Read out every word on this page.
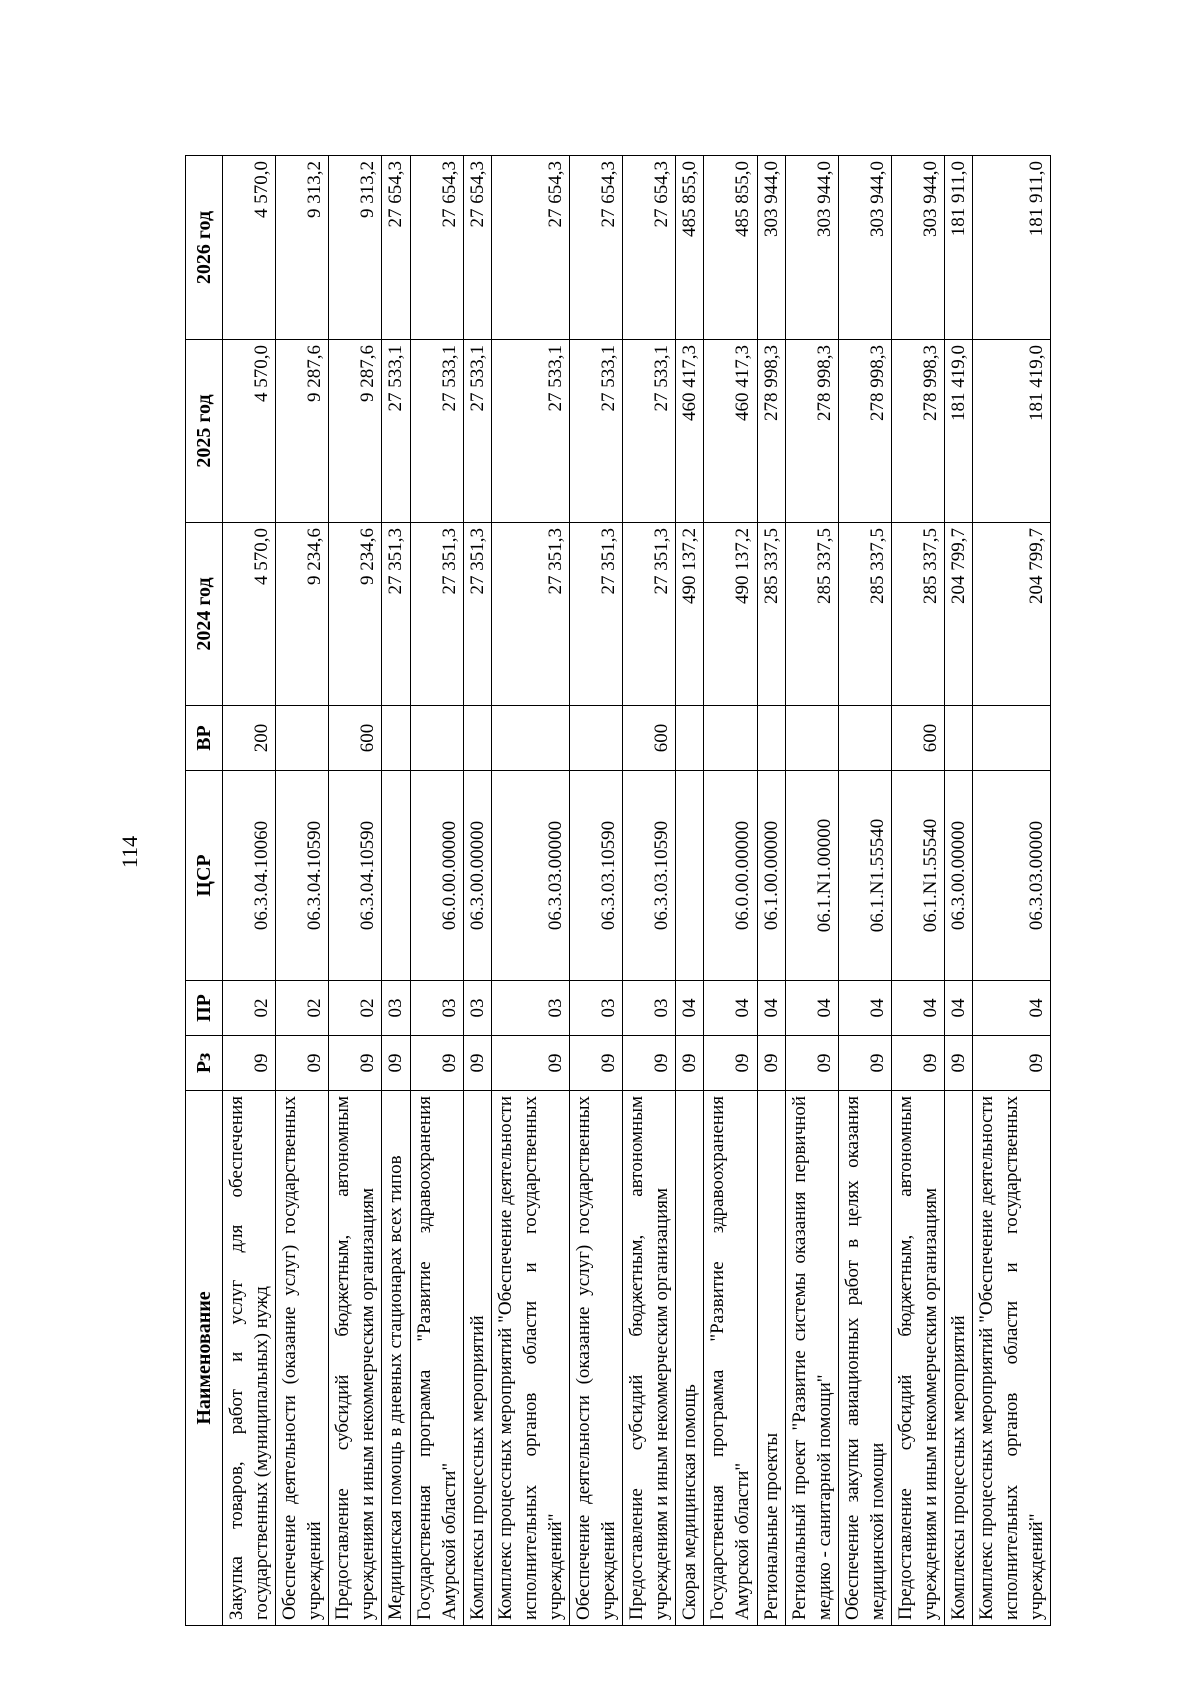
114
Наименование	Рз	ПР	ЦСР	ВР	2024 год	2025 год	2026 год
Закупка товаров, работ и услуг для обеспечения государственных (муниципальных) нужд	09	02	06.3.04.10060	200	4 570,0	4 570,0	4 570,0
Обеспечение деятельности (оказание услуг) государственных учреждений	09	02	06.3.04.10590		9 234,6	9 287,6	9 313,2
Предоставление субсидий бюджетным, автономным учреждениям и иным некоммерческим организациям	09	02	06.3.04.10590	600	9 234,6	9 287,6	9 313,2
Медицинская помощь в дневных стационарах всех типов	09	03			27 351,3	27 533,1	27 654,3
Государственная программа "Развитие здравоохранения Амурской области"	09	03	06.0.00.00000		27 351,3	27 533,1	27 654,3
Комплексы процессных мероприятий	09	03	06.3.00.00000		27 351,3	27 533,1	27 654,3
Комплекс процессных мероприятий "Обеспечение деятельности исполнительных органов области и государственных учреждений"	09	03	06.3.03.00000		27 351,3	27 533,1	27 654,3
Обеспечение деятельности (оказание услуг) государственных учреждений	09	03	06.3.03.10590		27 351,3	27 533,1	27 654,3
Предоставление субсидий бюджетным, автономным учреждениям и иным некоммерческим организациям	09	03	06.3.03.10590	600	27 351,3	27 533,1	27 654,3
Скорая медицинская помощь	09	04			490 137,2	460 417,3	485 855,0
Государственная программа "Развитие здравоохранения Амурской области"	09	04	06.0.00.00000		490 137,2	460 417,3	485 855,0
Региональные проекты	09	04	06.1.00.00000		285 337,5	278 998,3	303 944,0
Региональный проект "Развитие системы оказания первичной медико - санитарной помощи"	09	04	06.1.N1.00000		285 337,5	278 998,3	303 944,0
Обеспечение закупки авиационных работ в целях оказания медицинской помощи	09	04	06.1.N1.55540		285 337,5	278 998,3	303 944,0
Предоставление субсидий бюджетным, автономным учреждениям и иным некоммерческим организациям	09	04	06.1.N1.55540	600	285 337,5	278 998,3	303 944,0
Комплексы процессных мероприятий	09	04	06.3.00.00000		204 799,7	181 419,0	181 911,0
Комплекс процессных мероприятий "Обеспечение деятельности исполнительных органов области и государственных учреждений"	09	04	06.3.03.00000		204 799,7	181 419,0	181 911,0
